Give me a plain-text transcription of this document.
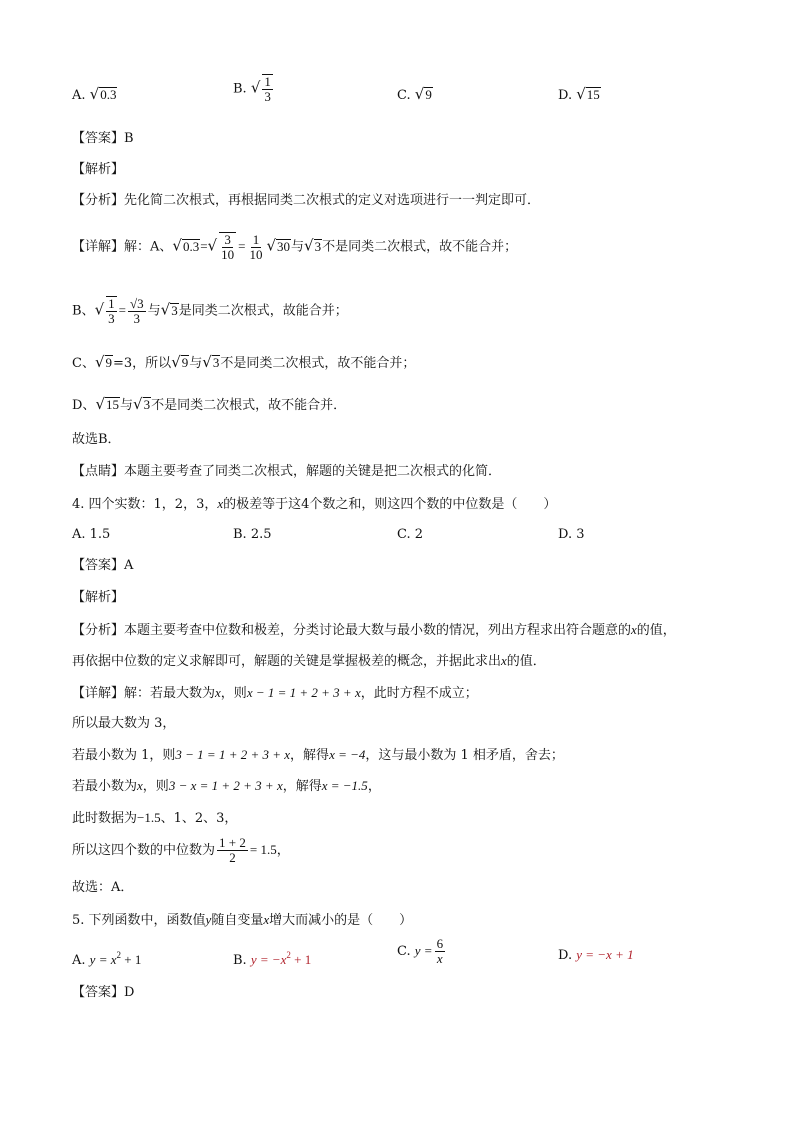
A. √0.3	B. √ $\frac{1}{3}$	C. √9	D. √15
【答案】B
【解析】
【分析】先化简二次根式，再根据同类二次根式的定义对选项进行一一判定即可．
【详解】解：A、$√0.3=√ \frac{3}{10} = \frac{1}{10} √30$与√3不是同类二次根式，故不能合并；
B、√ $\frac{1}{3} = \frac{√3}{3}$ 与√3是同类二次根式，故能合并；
C、√9=3，所以√9与√3不是同类二次根式，故不能合并；
D、√15与√3不是同类二次根式，故不能合并．
故选B．
【点睛】本题主要考查了同类二次根式，解题的关键是把二次根式的化简．
4. 四个实数：1，2，3，x的极差等于这4个数之和，则这四个数的中位数是（　　）
A. 1.5	B. 2.5	C. 2	D. 3
【答案】A
【解析】
【分析】本题主要考查中位数和极差，分类讨论最大数与最小数的情况，列出方程求出符合题意的x的值，
再依据中位数的定义求解即可，解题的关键是掌握极差的概念，并据此求出x的值．
【详解】解：若最大数为x，则x − 1 = 1 + 2 + 3 + x，此时方程不成立；
所以最大数为 3，
若最小数为 1，则3 − 1 = 1 + 2 + 3 + x，解得x = −4，这与最小数为 1 相矛盾，舍去；
若最小数为x，则3 − x = 1 + 2 + 3 + x，解得x = −1.5，
此时数据为−1.5、1、2、3，
所以这四个数的中位数为 $\frac{1 + 2}{2} = 1.5$，
故选：A．
5. 下列函数中，函数值y随自变量x增大而减小的是（　　）
A. $y = x^2 + 1$	B. $y = -x^2 + 1$
C. $y = \frac{6}{x}$	D. y = −x + 1
【答案】D
